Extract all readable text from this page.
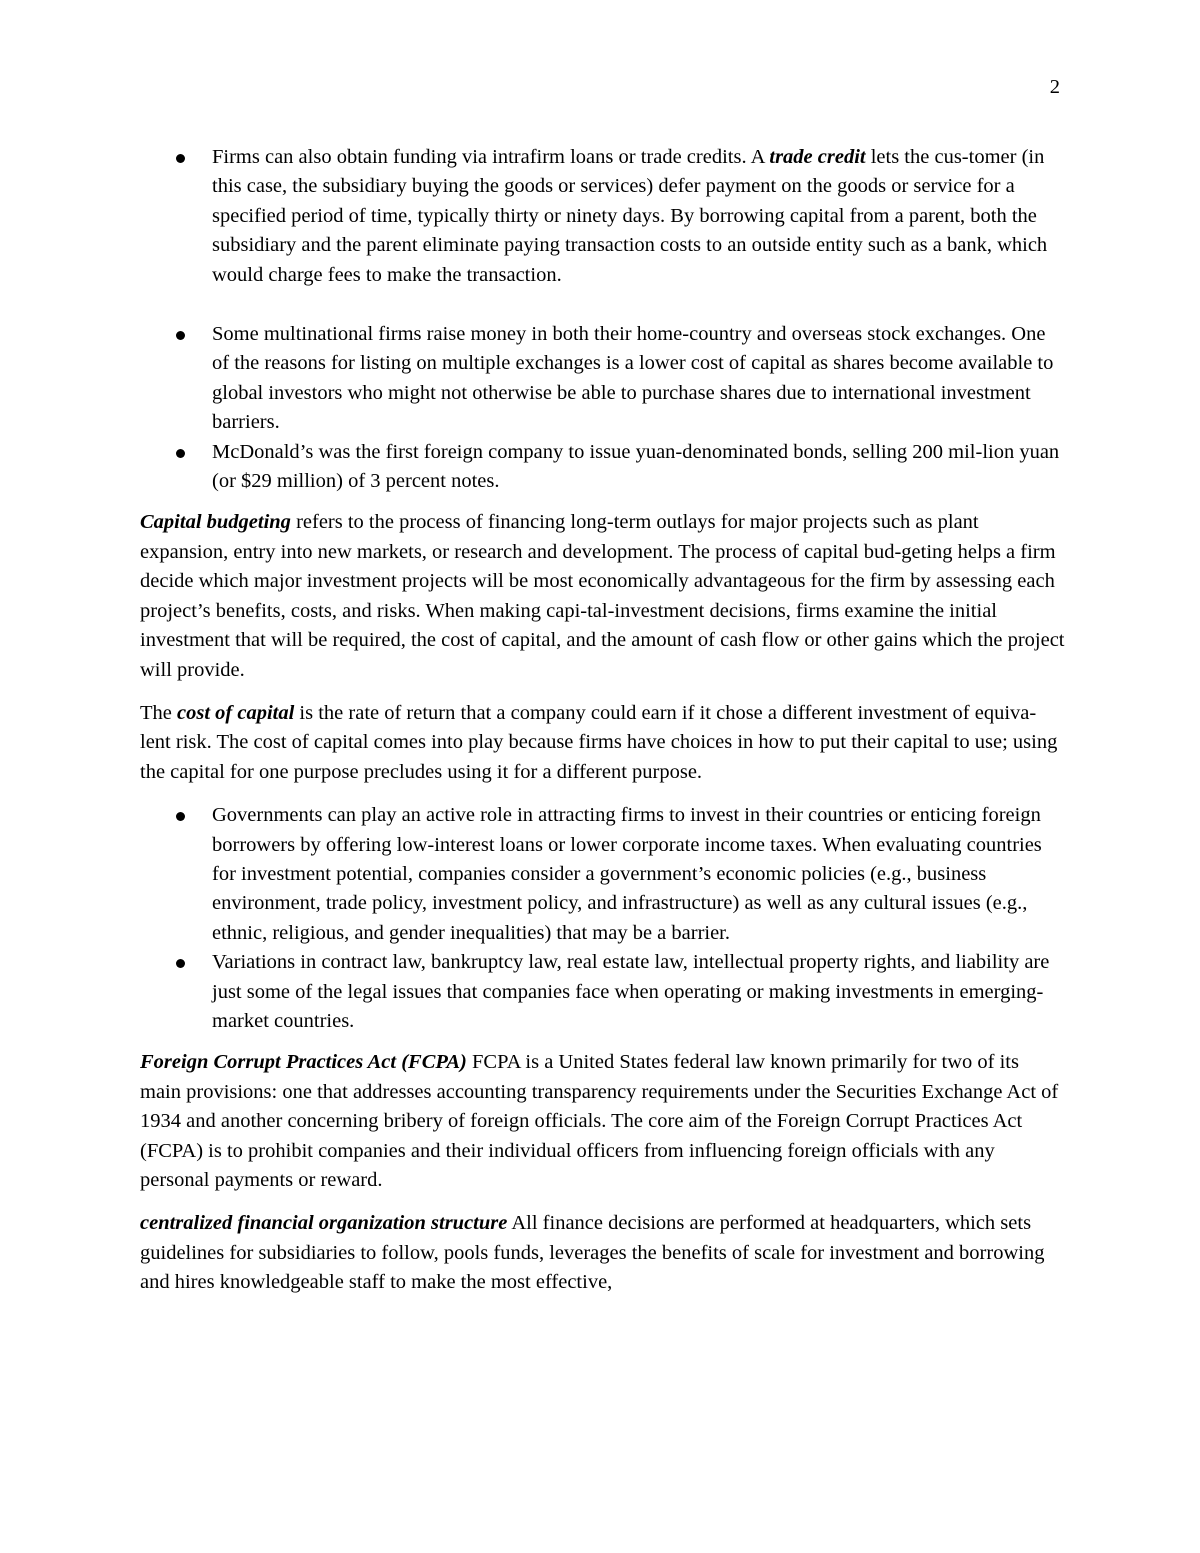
2
Firms can also obtain funding via intrafirm loans or trade credits. A trade credit lets the cus-tomer (in this case, the subsidiary buying the goods or services) defer payment on the goods or service for a specified period of time, typically thirty or ninety days. By borrowing capital from a parent, both the subsidiary and the parent eliminate paying transaction costs to an outside entity such as a bank, which would charge fees to make the transaction.
Some multinational firms raise money in both their home-country and overseas stock exchanges. One of the reasons for listing on multiple exchanges is a lower cost of capital as shares become available to global investors who might not otherwise be able to purchase shares due to international investment barriers.
McDonald’s was the first foreign company to issue yuan-denominated bonds, selling 200 mil-lion yuan (or $29 million) of 3 percent notes.

Capital budgeting refers to the process of financing long-term outlays for major projects such as plant expansion, entry into new markets, or research and development. The process of capital bud-geting helps a firm decide which major investment projects will be most economically advantageous for the firm by assessing each project’s benefits, costs, and risks. When making capi-tal-investment decisions, firms examine the initial investment that will be required, the cost of capital, and the amount of cash flow or other gains which the project will provide.

The cost of capital is the rate of return that a company could earn if it chose a different investment of equiva-lent risk. The cost of capital comes into play because firms have choices in how to put their capital to use; using the capital for one purpose precludes using it for a different purpose.

Governments can play an active role in attracting firms to invest in their countries or enticing foreign borrowers by offering low-interest loans or lower corporate income taxes. When evaluating countries for investment potential, companies consider a government’s economic policies (e.g., business environment, trade policy, investment policy, and infrastructure) as well as any cultural issues (e.g., ethnic, religious, and gender inequalities) that may be a barrier.
Variations in contract law, bankruptcy law, real estate law, intellectual property rights, and liability are just some of the legal issues that companies face when operating or making investments in emerging-market countries.

Foreign Corrupt Practices Act (FCPA) FCPA is a United States federal law known primarily for two of its main provisions: one that addresses accounting transparency requirements under the Securities Exchange Act of 1934 and another concerning bribery of foreign officials. The core aim of the Foreign Corrupt Practices Act (FCPA) is to prohibit companies and their individual officers from influencing foreign officials with any personal payments or reward.

centralized financial organization structure All finance decisions are performed at headquarters, which sets guidelines for subsidiaries to follow, pools funds, leverages the benefits of scale for investment and borrowing and hires knowledgeable staff to make the most effective,
